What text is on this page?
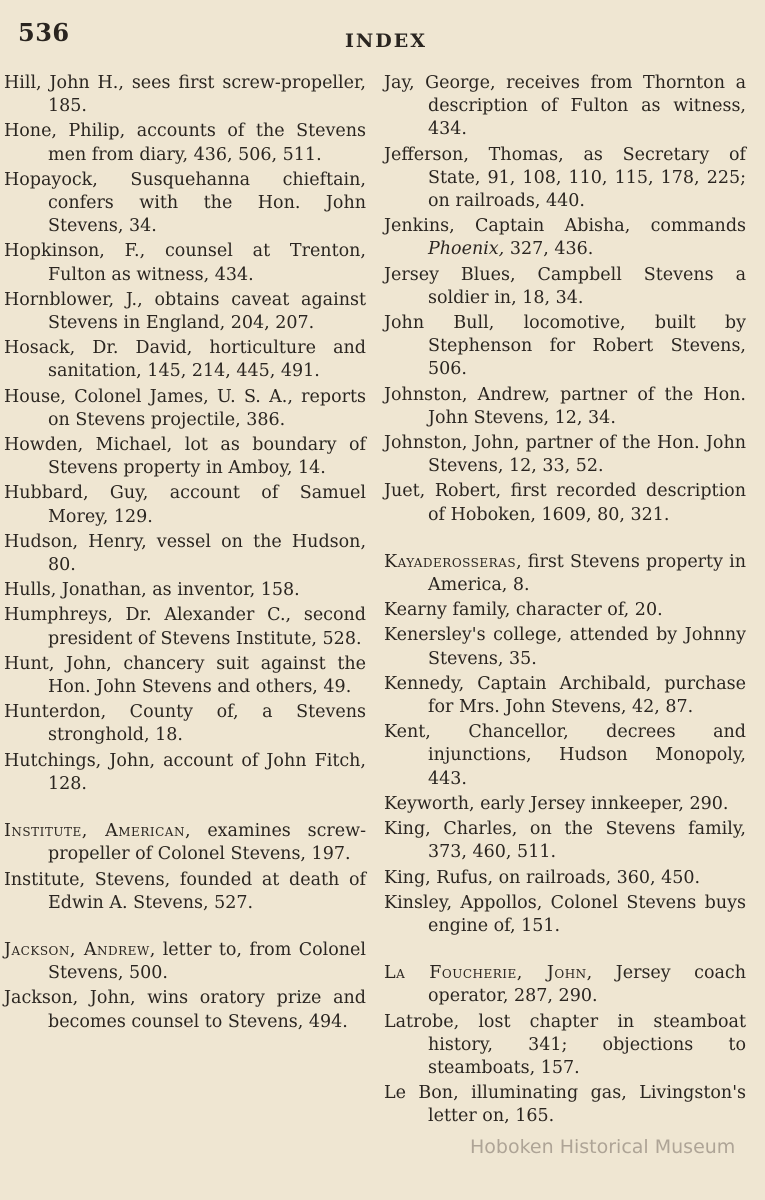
536	INDEX

Hill, John H., sees first screw-propeller, 185.

Hone, Philip, accounts of the Stevens men from diary, 436, 506, 511.

Hopayock, Susquehanna chieftain, confers with the Hon. John Stevens, 34.

Hopkinson, F., counsel at Trenton, Fulton as witness, 434.

Hornblower, J., obtains caveat against Stevens in England, 204, 207.

Hosack, Dr. David, horticulture and sanitation, 145, 214, 445, 491.

House, Colonel James, U. S. A., reports on Stevens projectile, 386.

Howden, Michael, lot as boundary of Stevens property in Amboy, 14.

Hubbard, Guy, account of Samuel Morey, 129.

Hudson, Henry, vessel on the Hudson, 80.

Hulls, Jonathan, as inventor, 158.

Humphreys, Dr. Alexander C., second president of Stevens Institute, 528.

Hunt, John, chancery suit against the Hon. John Stevens and others, 49.

Hunterdon, County of, a Stevens stronghold, 18.

Hutchings, John, account of John Fitch, 128.

Institute, American, examines screw-propeller of Colonel Stevens, 197.

Institute, Stevens, founded at death of Edwin A. Stevens, 527.

Jackson, Andrew, letter to, from Colonel Stevens, 500.

Jackson, John, wins oratory prize and becomes counsel to Stevens, 494.

Jay, George, receives from Thornton a description of Fulton as witness, 434.

Jefferson, Thomas, as Secretary of State, 91, 108, 110, 115, 178, 225; on railroads, 440.

Jenkins, Captain Abisha, commands Phoenix, 327, 436.

Jersey Blues, Campbell Stevens a soldier in, 18, 34.

John Bull, locomotive, built by Stephenson for Robert Stevens, 506.

Johnston, Andrew, partner of the Hon. John Stevens, 12, 34.

Johnston, John, partner of the Hon. John Stevens, 12, 33, 52.

Juet, Robert, first recorded description of Hoboken, 1609, 80, 321.

Kayaderosseras, first Stevens property in America, 8.

Kearny family, character of, 20.

Kenersley's college, attended by Johnny Stevens, 35.

Kennedy, Captain Archibald, purchase for Mrs. John Stevens, 42, 87.

Kent, Chancellor, decrees and injunctions, Hudson Monopoly, 443.

Keyworth, early Jersey innkeeper, 290.

King, Charles, on the Stevens family, 373, 460, 511.

King, Rufus, on railroads, 360, 450.

Kinsley, Appollos, Colonel Stevens buys engine of, 151.

La Foucherie, John, Jersey coach operator, 287, 290.

Latrobe, lost chapter in steamboat history, 341; objections to steamboats, 157.

Le Bon, illuminating gas, Livingston's letter on, 165.

Hoboken Historical Museum
